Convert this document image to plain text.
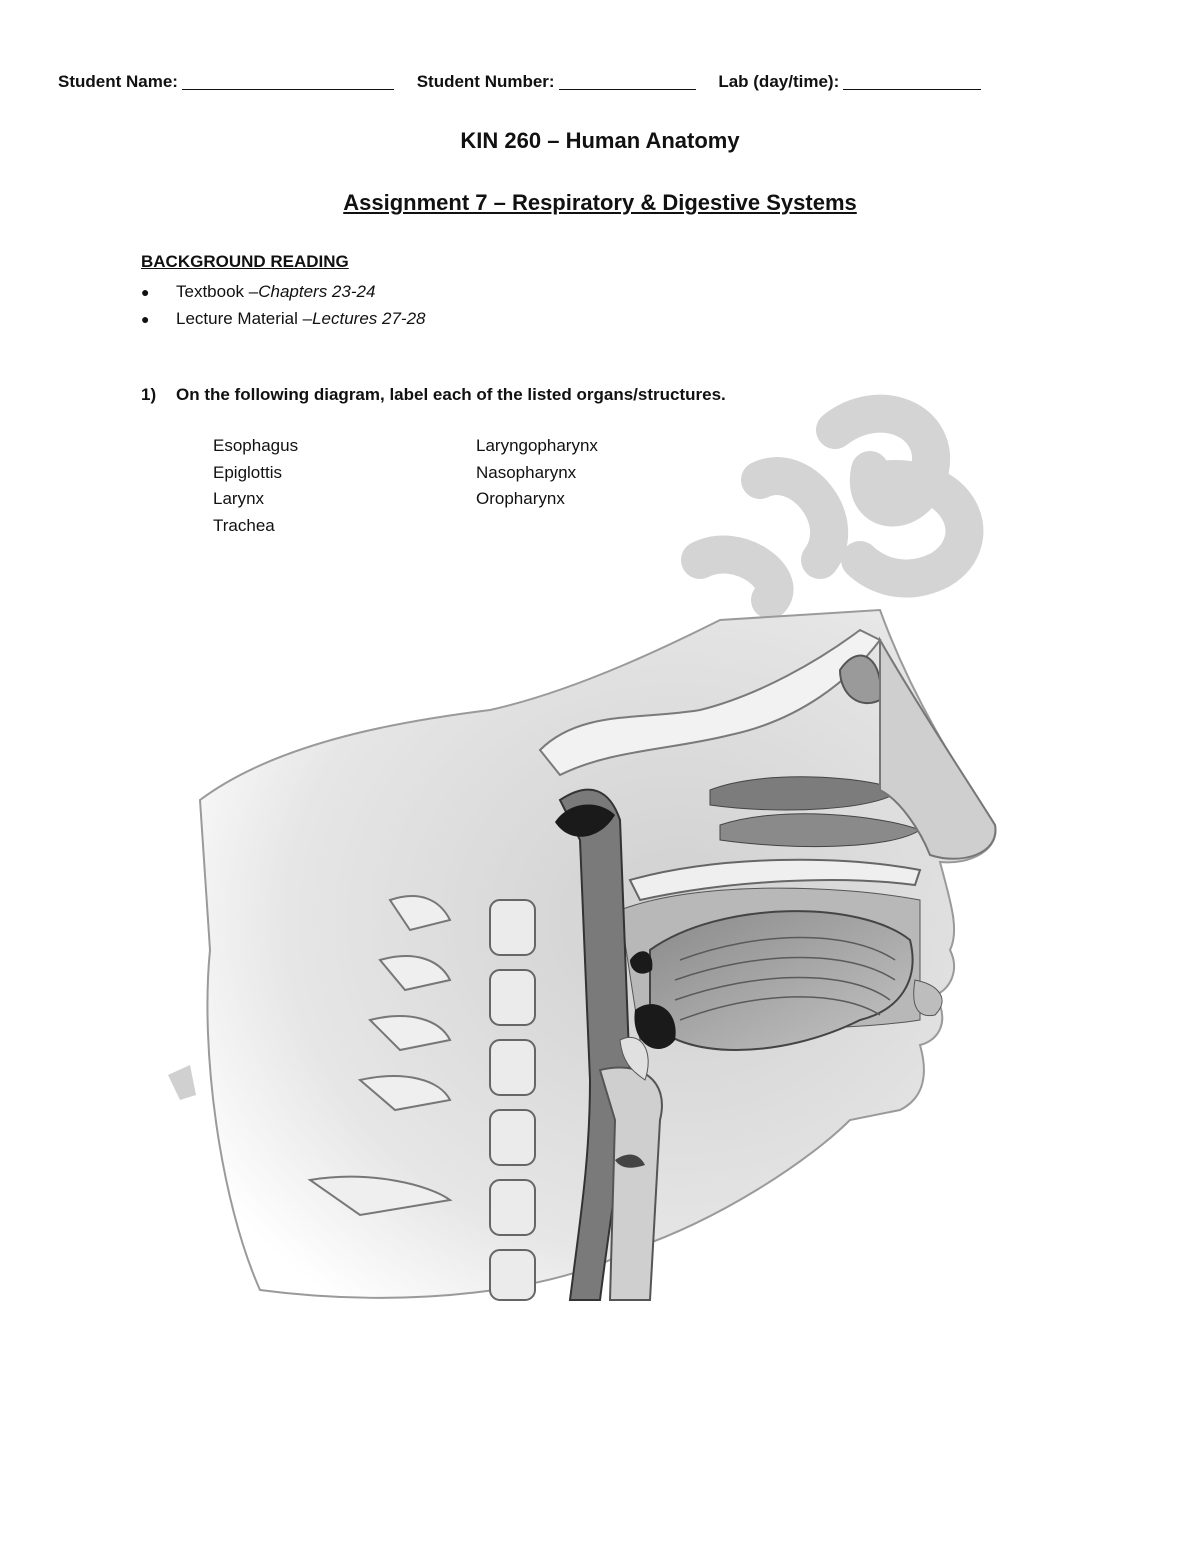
Student Name:	Student Number:	Lab (day/time):
KIN 260 – Human Anatomy
Assignment 7 – Respiratory & Digestive Systems
BACKGROUND READING
●	Textbook – Chapters 23-24
●	Lecture Material – Lectures 27-28
1)	On the following diagram, label each of the listed organs/structures.
Esophagus
Epiglottis
Larynx
Trachea
Laryngopharynx
Nasopharynx
Oropharynx
